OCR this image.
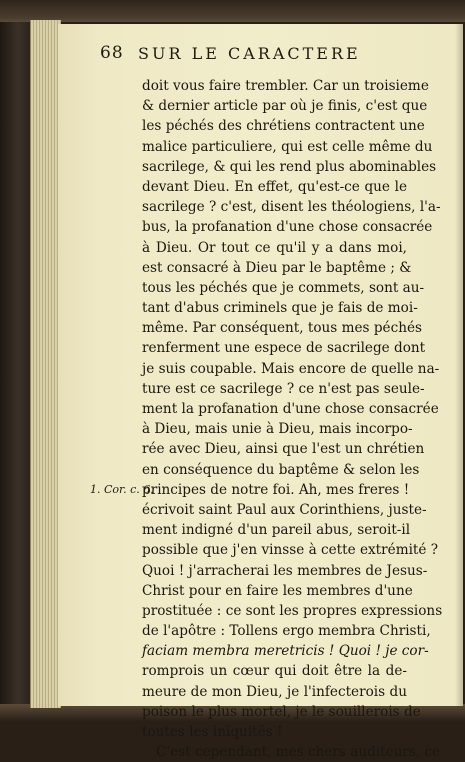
68 SUR LE CARACTERE
1. Cor. c. 6.
doit vous faire trembler. Car un troisieme
& dernier article par où je finis, c'est que
les péchés des chrétiens contractent une
malice particuliere, qui est celle même du
sacrilege, & qui les rend plus abominables
devant Dieu. En effet, qu'est-ce que le
sacrilege ? c'est, disent les théologiens, l'a-
bus, la profanation d'une chose consacrée
à Dieu. Or tout ce qu'il y a dans moi,
est consacré à Dieu par le baptême ; &
tous les péchés que je commets, sont au-
tant d'abus criminels que je fais de moi-
même. Par conséquent, tous mes péchés
renferment une espece de sacrilege dont
je suis coupable. Mais encore de quelle na-
ture est ce sacrilege ? ce n'est pas seule-
ment la profanation d'une chose consacrée
à Dieu, mais unie à Dieu, mais incorpo-
rée avec Dieu, ainsi que l'est un chrétien
en conséquence du baptême & selon les
principes de notre foi. Ah, mes freres !
écrivoit saint Paul aux Corinthiens, juste-
ment indigné d'un pareil abus, seroit-il
possible que j'en vinsse à cette extrémité ?
Quoi ! j'arracherai les membres de Jesus-
Christ pour en faire les membres d'une
prostituée : ce sont les propres expressions
de l'apôtre : Tollens ergo membra Christi,
faciam membra meretricis ! Quoi ! je cor-
romprois un cœur qui doit être la de-
meure de mon Dieu, je l'infecterois du
poison le plus mortel, je le souillerois de
toutes les iniquités !
C'est cependant, mes chers auditeurs, ce
